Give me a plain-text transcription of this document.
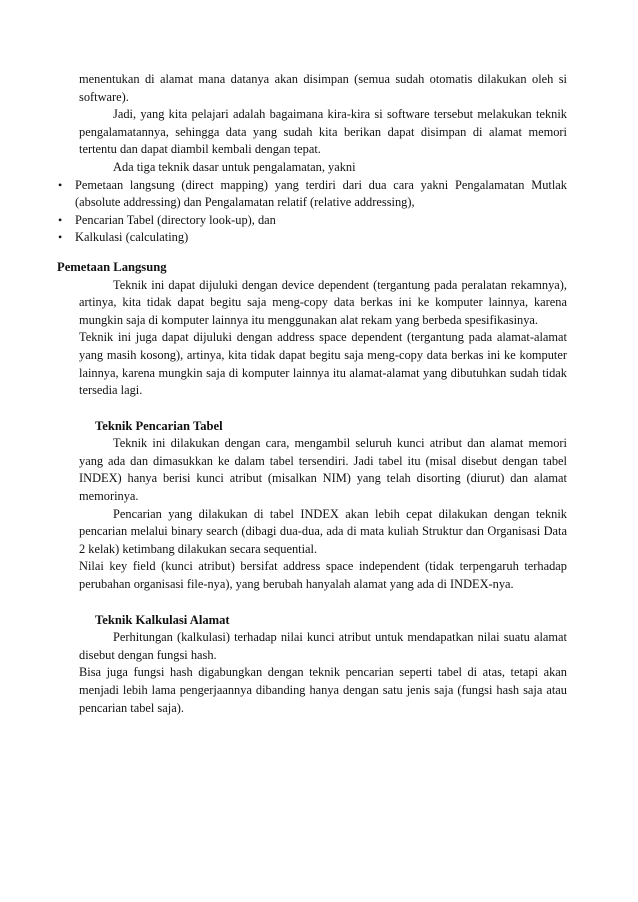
menentukan di alamat mana datanya akan disimpan (semua sudah otomatis dilakukan oleh si software).

Jadi, yang kita pelajari adalah bagaimana kira-kira si software tersebut melakukan teknik pengalamatannya, sehingga data yang sudah kita berikan dapat disimpan di alamat memori tertentu dan dapat diambil kembali dengan tepat.

Ada tiga teknik dasar untuk pengalamatan, yakni

• Pemetaan langsung (direct mapping) yang terdiri dari dua cara yakni Pengalamatan Mutlak (absolute addressing) dan Pengalamatan relatif (relative addressing),
• Pencarian Tabel (directory look-up), dan
• Kalkulasi (calculating)
Pemetaan Langsung

Teknik ini dapat dijuluki dengan device dependent (tergantung pada peralatan rekamnya), artinya, kita tidak dapat begitu saja meng-copy data berkas ini ke komputer lainnya, karena mungkin saja di komputer lainnya itu menggunakan alat rekam yang berbeda spesifikasinya.

Teknik ini juga dapat dijuluki dengan address space dependent (tergantung pada alamat-alamat yang masih kosong), artinya, kita tidak dapat begitu saja meng-copy data berkas ini ke komputer lainnya, karena mungkin saja di komputer lainnya itu alamat-alamat yang dibutuhkan sudah tidak tersedia lagi.

Teknik Pencarian Tabel

Teknik ini dilakukan dengan cara, mengambil seluruh kunci atribut dan alamat memori yang ada dan dimasukkan ke dalam tabel tersendiri. Jadi tabel itu (misal disebut dengan tabel INDEX) hanya berisi kunci atribut (misalkan NIM) yang telah disorting (diurut) dan alamat memorinya.

Pencarian yang dilakukan di tabel INDEX akan lebih cepat dilakukan dengan teknik pencarian melalui binary search (dibagi dua-dua, ada di mata kuliah Struktur dan Organisasi Data 2 kelak) ketimbang dilakukan secara sequential.

Nilai key field (kunci atribut) bersifat address space independent (tidak terpengaruh terhadap perubahan organisasi file-nya), yang berubah hanyalah alamat yang ada di INDEX-nya.

Teknik Kalkulasi Alamat

Perhitungan (kalkulasi) terhadap nilai kunci atribut untuk mendapatkan nilai suatu alamat disebut dengan fungsi hash.

Bisa juga fungsi hash digabungkan dengan teknik pencarian seperti tabel di atas, tetapi akan menjadi lebih lama pengerjaannya dibanding hanya dengan satu jenis saja (fungsi hash saja atau pencarian tabel saja).
